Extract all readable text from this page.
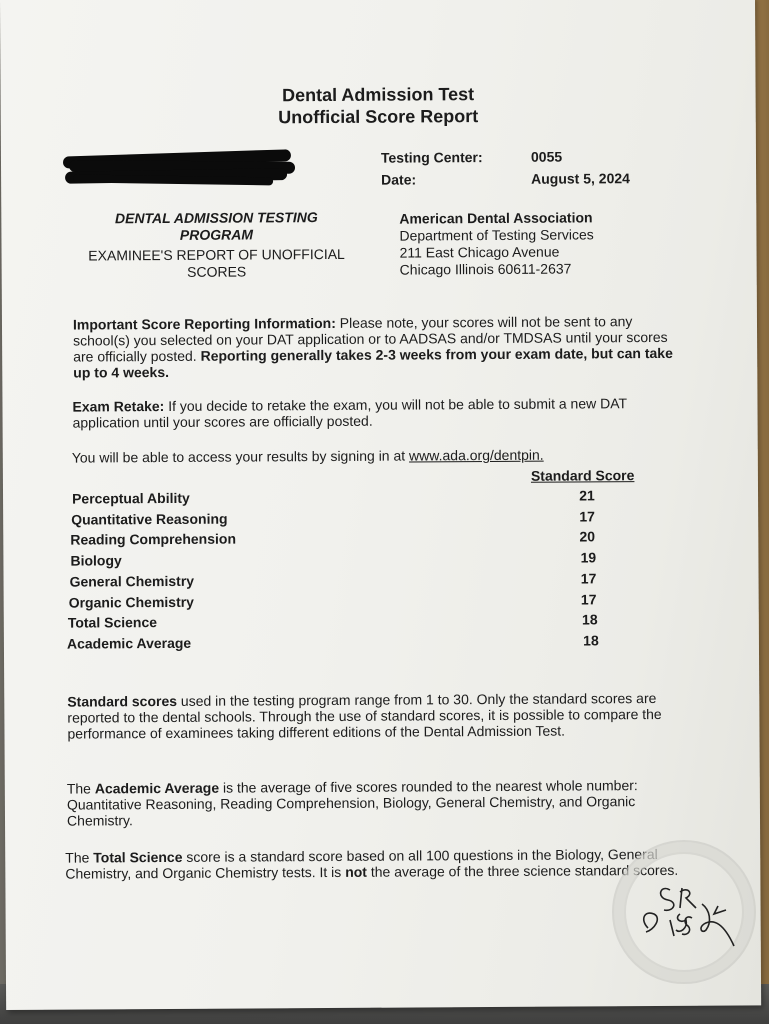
Dental Admission Test
Unofficial Score Report
Testing Center:	0055
Date:	August 5, 2024
DENTAL ADMISSION TESTING
PROGRAM
EXAMINEE'S REPORT OF UNOFFICIAL
SCORES
American Dental Association
Department of Testing Services
211 East Chicago Avenue
Chicago Illinois 60611-2637
Important Score Reporting Information: Please note, your scores will not be sent to any school(s) you selected on your DAT application or to AADSAS and/or TMDSAS until your scores are officially posted. Reporting generally takes 2-3 weeks from your exam date, but can take up to 4 weeks.
Exam Retake: If you decide to retake the exam, you will not be able to submit a new DAT application until your scores are officially posted.
You will be able to access your results by signing in at www.ada.org/dentpin.
Standard Score
Perceptual Ability	21
Quantitative Reasoning	17
Reading Comprehension	20
Biology	19
General Chemistry	17
Organic Chemistry	17
Total Science	18
Academic Average	18
Standard scores used in the testing program range from 1 to 30. Only the standard scores are reported to the dental schools. Through the use of standard scores, it is possible to compare the performance of examinees taking different editions of the Dental Admission Test.
The Academic Average is the average of five scores rounded to the nearest whole number: Quantitative Reasoning, Reading Comprehension, Biology, General Chemistry, and Organic Chemistry.
The Total Science score is a standard score based on all 100 questions in the Biology, General Chemistry, and Organic Chemistry tests. It is not the average of the three science standard scores.
